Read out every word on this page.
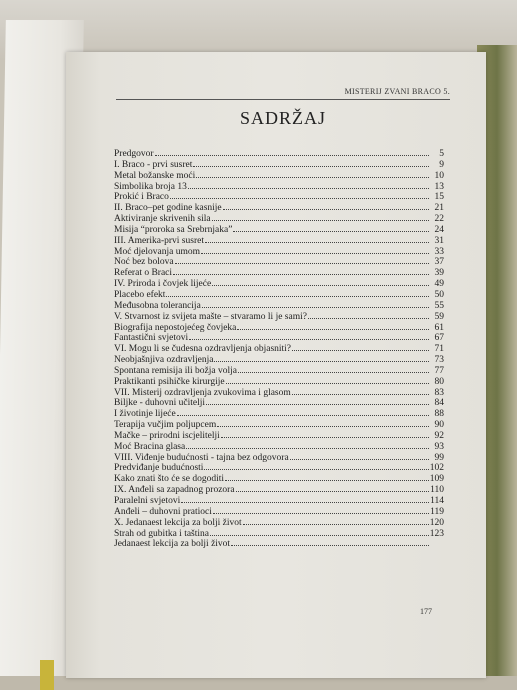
MISTERIJ ZVANI BRACO 5.
SADRŽAJ
Predgovor	5
I. Braco - prvi susret	9
Metal božanske moći	10
Simbolika broja 13	13
Prokić i Braco	15
II. Braco–pet godine kasnije	21
Aktiviranje skrivenih sila	22
Misija “proroka sa Srebrnjaka”	24
III. Amerika-prvi susret	31
Moć djelovanja umom	33
Noć bez bolova	37
Referat o Braci	39
IV. Priroda i čovjek lijeće	49
Placebo efekt	50
Međusobna tolerancija	55
V. Stvarnost iz svijeta mašte – stvaramo li je sami?	59
Biografija nepostojećeg čovjeka	61
Fantastični svjetovi	67
VI. Mogu li se čudesna ozdravljenja objasniti?	71
Neobjašnjiva ozdravljenja	73
Spontana remisija ili božja volja	77
Praktikanti psihičke kirurgije	80
VII. Misterij ozdravljenja zvukovima i glasom	83
Biljke - duhovni učitelji	84
I životinje lijeće	88
Terapija vučjim poljupcem	90
Mačke – prirodni iscjelitelji	92
Moć Bracina glasa	93
VIII. Viđenje budućnosti - tajna bez odgovora	99
Predviđanje budućnosti	102
Kako znati što će se dogoditi	109
IX. Anđeli sa zapadnog prozora	110
Paralelni svjetovi	114
Anđeli – duhovni pratioci	119
X. Jedanaest lekcija za bolji život	120
Strah od gubitka i taština	123
Jedanaest lekcija za bolji život
177
